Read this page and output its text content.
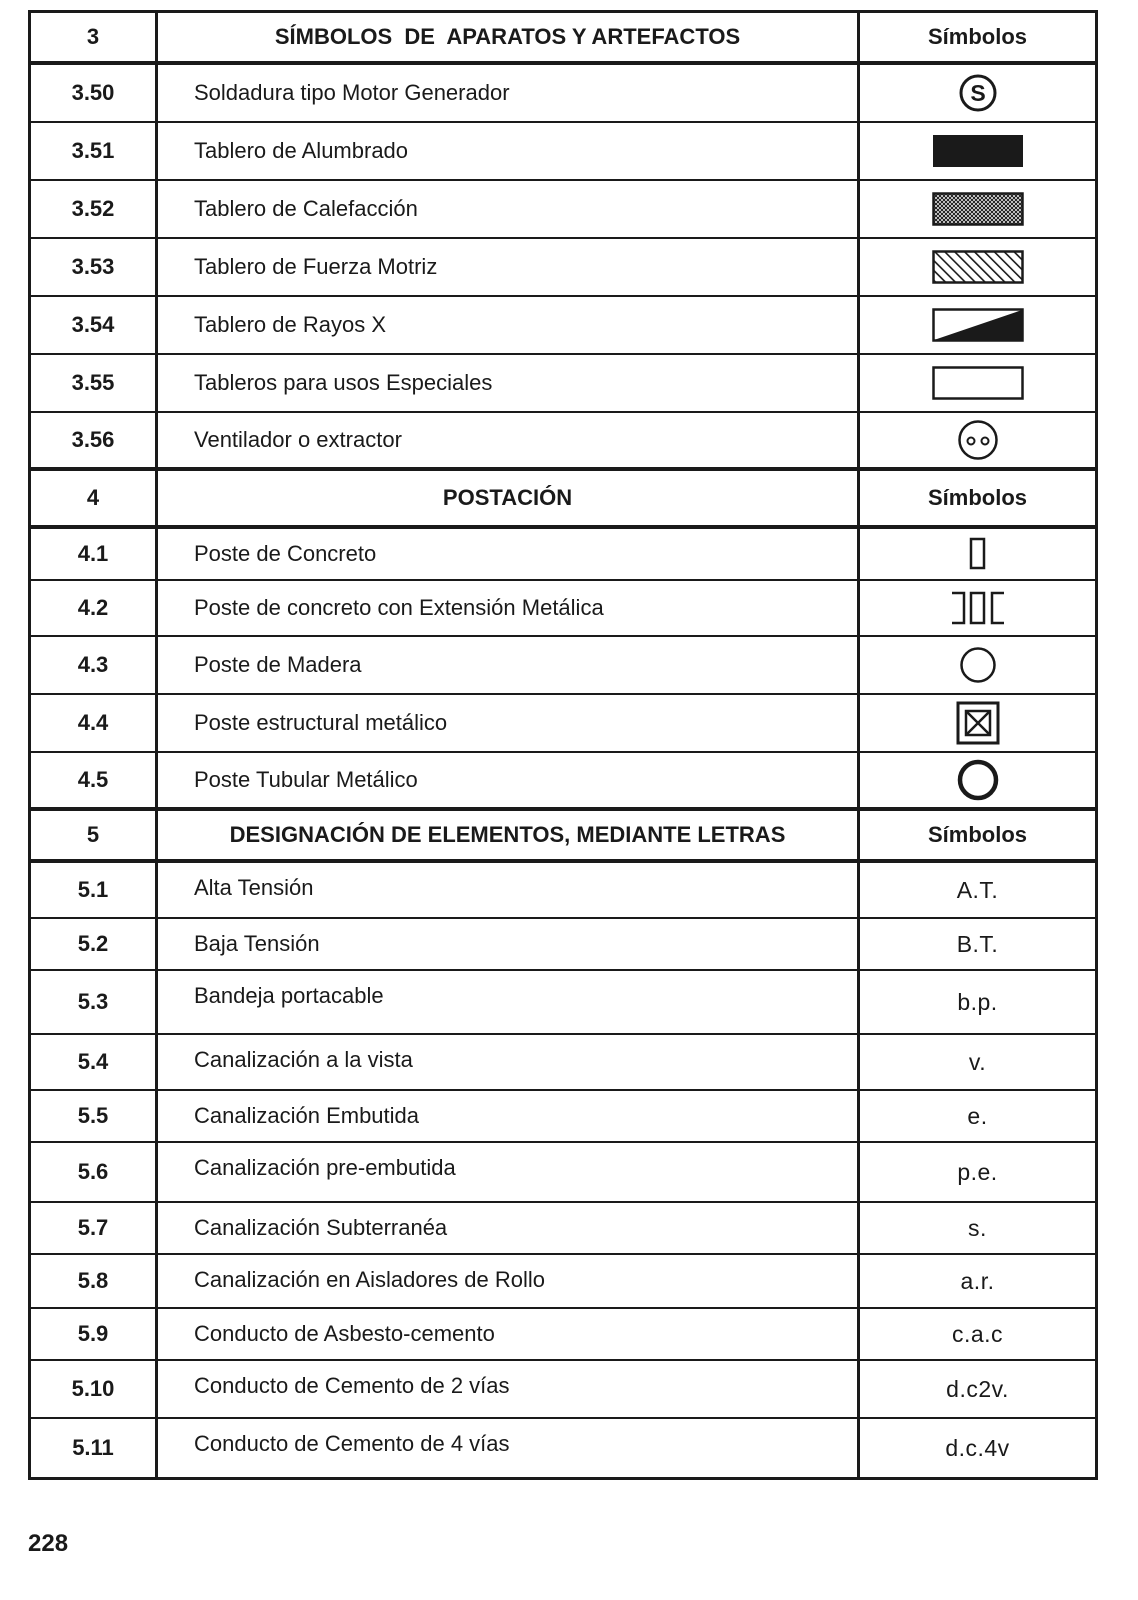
3	SÍMBOLOS  DE  APARATOS Y ARTEFACTOS	Símbolos
3.50	Soldadura tipo Motor Generador	S
3.51	Tablero de Alumbrado
3.52	Tablero de Calefacción
3.53	Tablero de Fuerza Motriz
3.54	Tablero de Rayos X
3.55	Tableros para usos Especiales
3.56	Ventilador o extractor
4	POSTACIÓN	Símbolos
4.1	Poste de Concreto
4.2	Poste de concreto con Extensión Metálica
4.3	Poste de Madera
4.4	Poste estructural metálico
4.5	Poste Tubular Metálico
5	DESIGNACIÓN DE ELEMENTOS, MEDIANTE LETRAS	Símbolos
5.1	Alta Tensión	A.T.
5.2	Baja Tensión	B.T.
5.3	Bandeja portacable	b.p.
5.4	Canalización a la vista	v.
5.5	Canalización Embutida	e.
5.6	Canalización pre-embutida	p.e.
5.7	Canalización Subterranéa	s.
5.8	Canalización en Aisladores de Rollo	a.r.
5.9	Conducto de Asbesto-cemento	c.a.c
5.10	Conducto de Cemento de 2 vías	d.c2v.
5.11	Conducto de Cemento de 4 vías	d.c.4v
228
